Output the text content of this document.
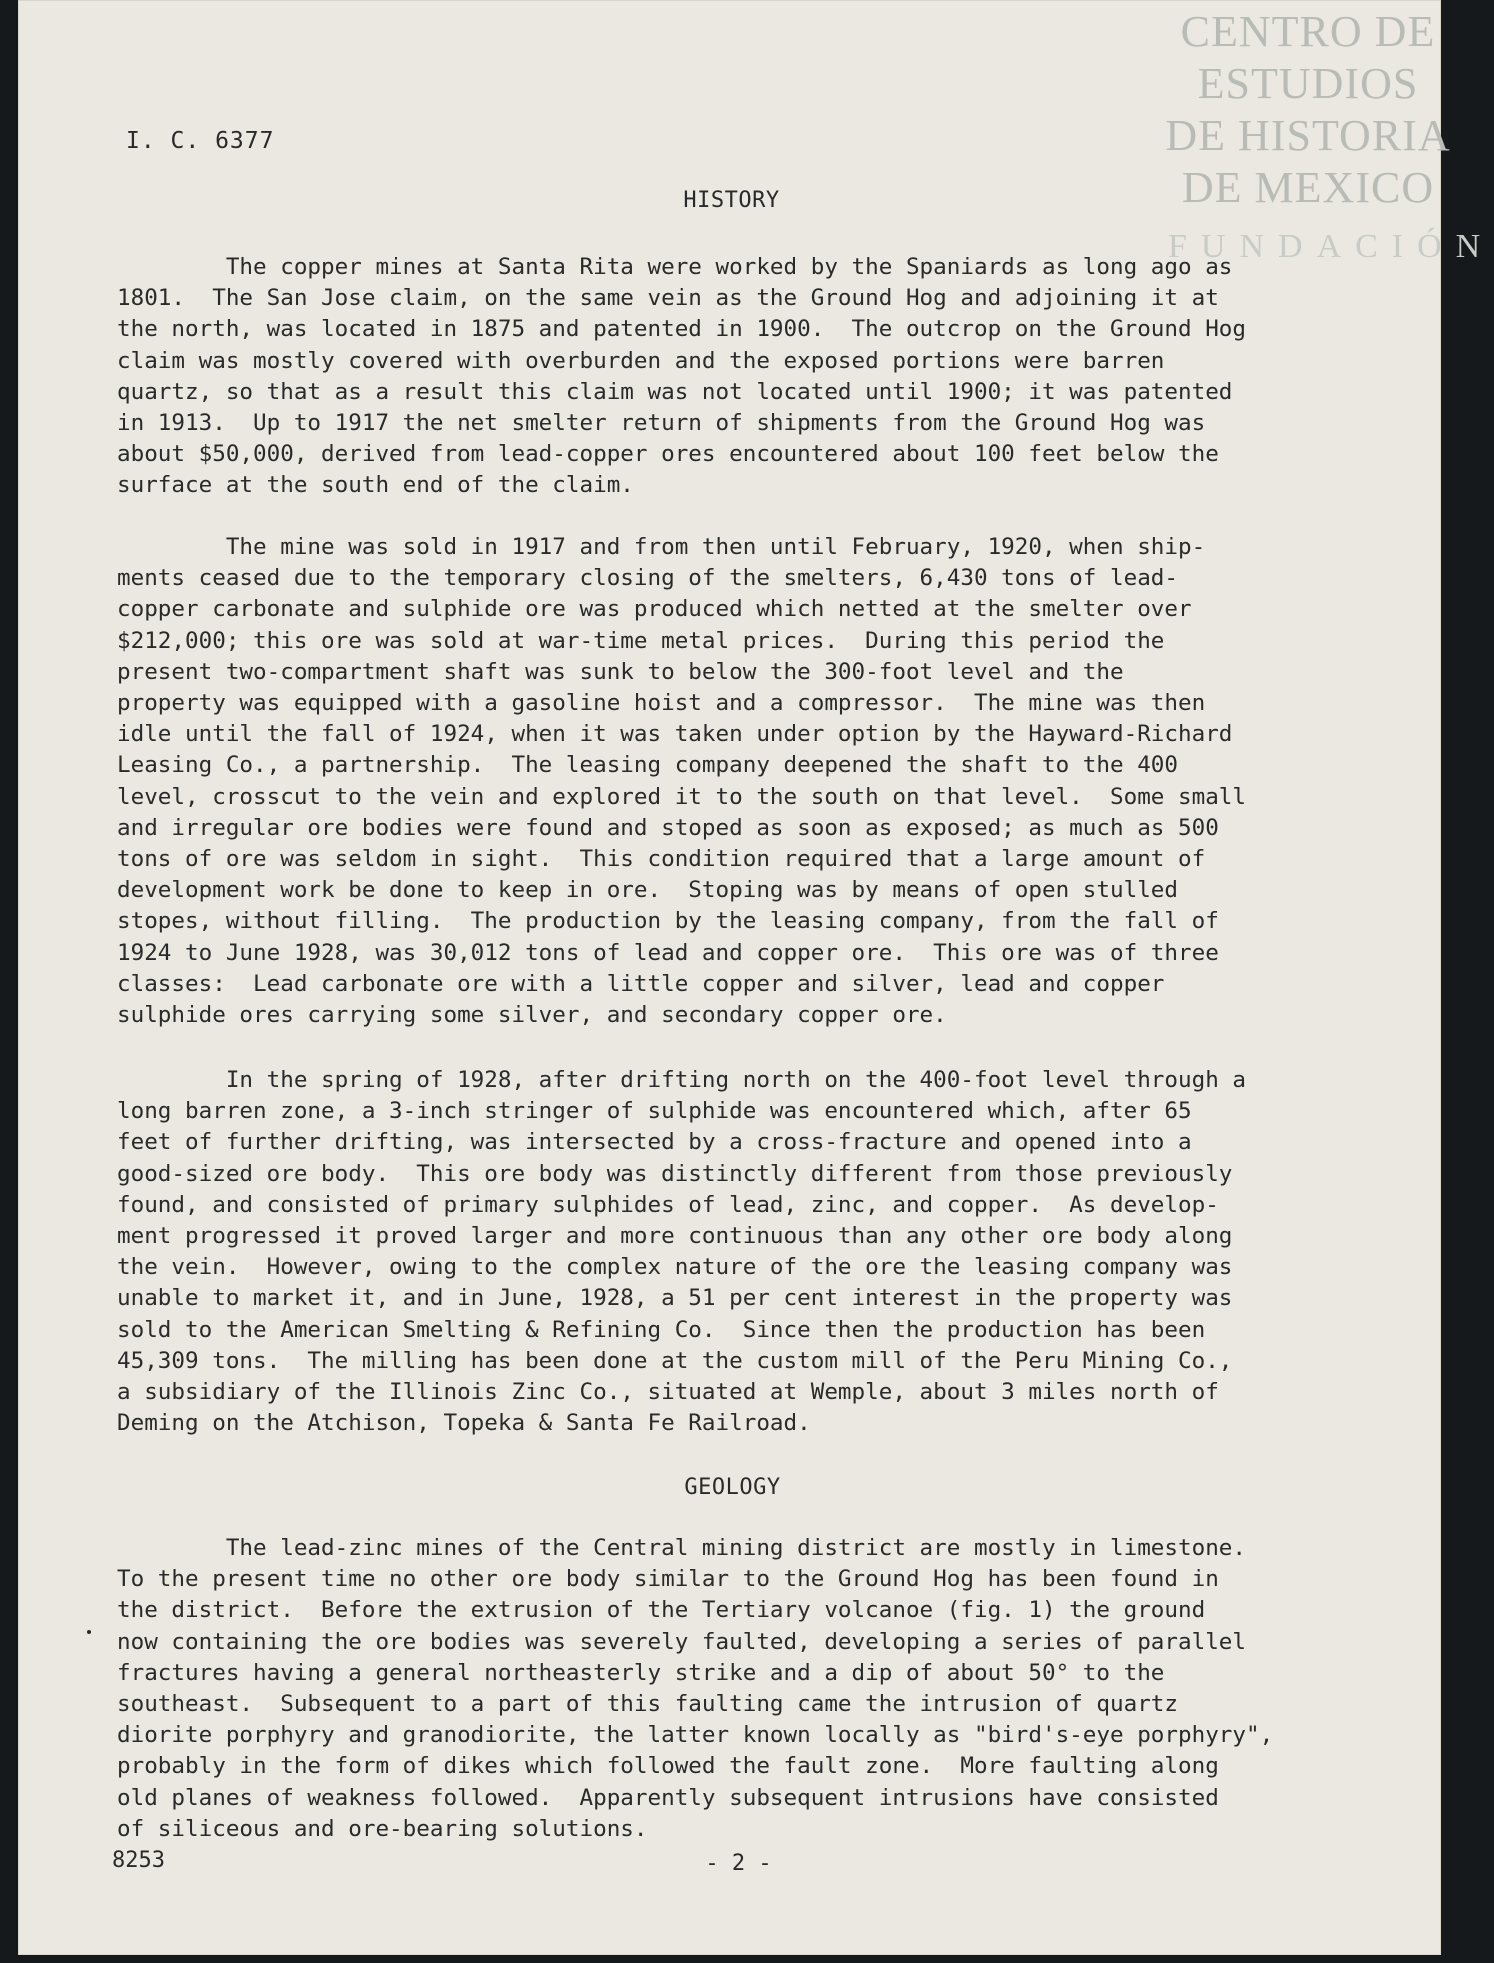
CENTRO DE
ESTUDIOS
DE HISTORIA
DE MEXICO
FUNDACIÓN
I. C. 6377
HISTORY
The copper mines at Santa Rita were worked by the Spaniards as long ago as
1801.  The San Jose claim, on the same vein as the Ground Hog and adjoining it at
the north, was located in 1875 and patented in 1900.  The outcrop on the Ground Hog
claim was mostly covered with overburden and the exposed portions were barren
quartz, so that as a result this claim was not located until 1900; it was patented
in 1913.  Up to 1917 the net smelter return of shipments from the Ground Hog was
about $50,000, derived from lead-copper ores encountered about 100 feet below the
surface at the south end of the claim.
The mine was sold in 1917 and from then until February, 1920, when ship-
ments ceased due to the temporary closing of the smelters, 6,430 tons of lead-
copper carbonate and sulphide ore was produced which netted at the smelter over
$212,000; this ore was sold at war-time metal prices.  During this period the
present two-compartment shaft was sunk to below the 300-foot level and the
property was equipped with a gasoline hoist and a compressor.  The mine was then
idle until the fall of 1924, when it was taken under option by the Hayward-Richard
Leasing Co., a partnership.  The leasing company deepened the shaft to the 400
level, crosscut to the vein and explored it to the south on that level.  Some small
and irregular ore bodies were found and stoped as soon as exposed; as much as 500
tons of ore was seldom in sight.  This condition required that a large amount of
development work be done to keep in ore.  Stoping was by means of open stulled
stopes, without filling.  The production by the leasing company, from the fall of
1924 to June 1928, was 30,012 tons of lead and copper ore.  This ore was of three
classes:  Lead carbonate ore with a little copper and silver, lead and copper
sulphide ores carrying some silver, and secondary copper ore.
In the spring of 1928, after drifting north on the 400-foot level through a
long barren zone, a 3-inch stringer of sulphide was encountered which, after 65
feet of further drifting, was intersected by a cross-fracture and opened into a
good-sized ore body.  This ore body was distinctly different from those previously
found, and consisted of primary sulphides of lead, zinc, and copper.  As develop-
ment progressed it proved larger and more continuous than any other ore body along
the vein.  However, owing to the complex nature of the ore the leasing company was
unable to market it, and in June, 1928, a 51 per cent interest in the property was
sold to the American Smelting & Refining Co.  Since then the production has been
45,309 tons.  The milling has been done at the custom mill of the Peru Mining Co.,
a subsidiary of the Illinois Zinc Co., situated at Wemple, about 3 miles north of
Deming on the Atchison, Topeka & Santa Fe Railroad.
GEOLOGY
The lead-zinc mines of the Central mining district are mostly in limestone.
To the present time no other ore body similar to the Ground Hog has been found in
the district.  Before the extrusion of the Tertiary volcanoe (fig. 1) the ground
now containing the ore bodies was severely faulted, developing a series of parallel
fractures having a general northeasterly strike and a dip of about 50° to the
southeast.  Subsequent to a part of this faulting came the intrusion of quartz
diorite porphyry and granodiorite, the latter known locally as "bird's-eye porphyry",
probably in the form of dikes which followed the fault zone.  More faulting along
old planes of weakness followed.  Apparently subsequent intrusions have consisted
of siliceous and ore-bearing solutions.
8253	- 2 -
